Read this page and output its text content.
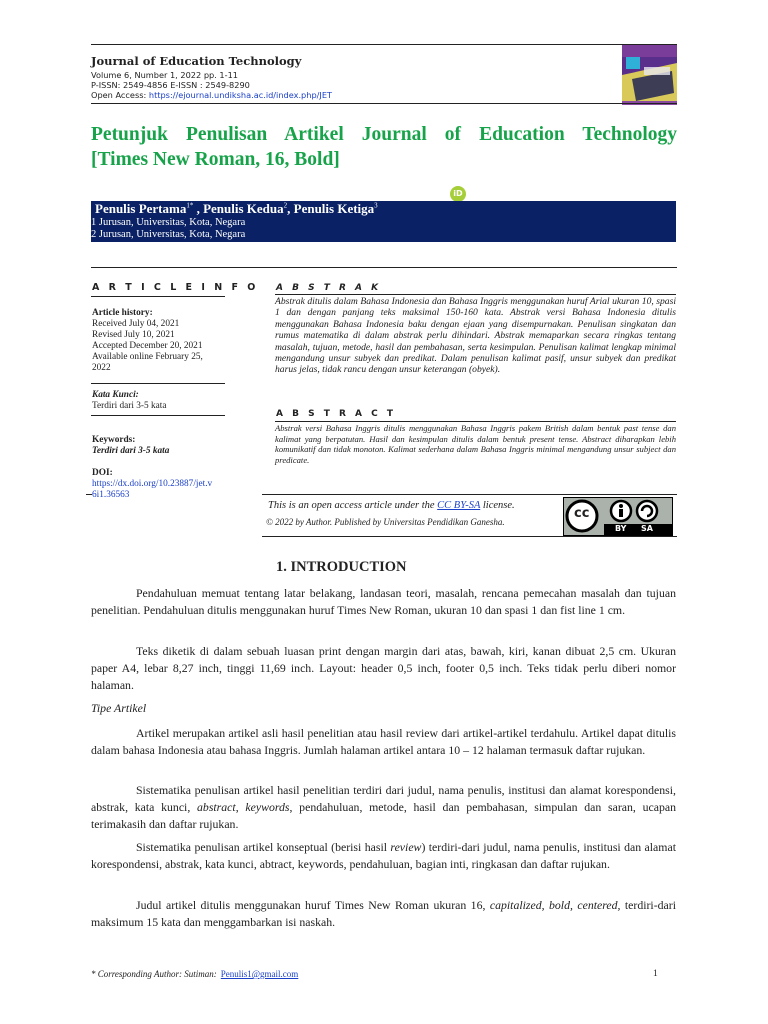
Journal of Education Technology
Volume 6, Number 1, 2022 pp. 1-11
P-ISSN: 2549-4856 E-ISSN : 2549-8290
Open Access: https://ejournal.undiksha.ac.id/index.php/JET
Petunjuk Penulisan Artikel Journal of Education Technology
[Times New Roman, 16, Bold]
iD
Penulis Pertama$^{1*}$ , Penulis Kedua$^2$, Penulis Ketiga$^3$
1 Jurusan, Universitas, Kota, Negara
2 Jurusan, Universitas, Kota, Negara
A R T I C L E I N F O
Article history:
Received July 04, 2021
Revised July 10, 2021
Accepted December 20, 2021
Available online February 25,
2022
Kata Kunci:
Terdiri dari 3-5 kata
Keywords:
Terdiri dari 3-5 kata
DOI:
https://dx.doi.org/10.23887/jet.v
6i1.36563
A B S T R A K
Abstrak ditulis dalam Bahasa Indonesia dan Bahasa Inggris menggunakan huruf Arial ukuran 10, spasi 1 dan dengan panjang teks maksimal 150-160 kata. Abstrak versi Bahasa Indonesia ditulis menggunakan Bahasa Indonesia baku dengan ejaan yang disempurnakan. Penulisan singkatan dan rumus matematika di dalam abstrak perlu dihindari. Abstrak memaparkan secara ringkas tentang masalah, tujuan, metode, hasil dan pembahasan, serta kesimpulan. Penulisan kalimat lengkap minimal mengandung unsur subyek dan predikat. Dalam penulisan kalimat pasif, unsur subyek dan predikat harus jelas, tidak rancu dengan unsur keterangan (obyek).
A B S T R A C T
Abstrak versi Bahasa Inggris ditulis menggunakan Bahasa Inggris pakem British dalam bentuk past tense dan kalimat yang berpatutan. Hasil dan kesimpulan ditulis dalam bentuk present tense. Abstract diharapkan lebih komunikatif dan tidak monoton. Kalimat sederhana dalam Bahasa Inggris minimal mengandung unsur subject dan predicate.
This is an open access article under the CC BY-SA license.
© 2022 by Author. Published by Universitas Pendidikan Ganesha.
cc
BY SA
1. INTRODUCTION
Pendahuluan memuat tentang latar belakang, landasan teori, masalah, rencana pemecahan masalah dan tujuan penelitian. Pendahuluan ditulis menggunakan huruf Times New Roman, ukuran 10 dan spasi 1 dan fist line 1 cm.
Teks diketik di dalam sebuah luasan print dengan margin dari atas, bawah, kiri, kanan dibuat 2,5 cm. Ukuran paper A4, lebar 8,27 inch, tinggi 11,69 inch. Layout: header 0,5 inch, footer 0,5 inch. Teks tidak perlu diberi nomor halaman.
Tipe Artikel
Artikel merupakan artikel asli hasil penelitian atau hasil review dari artikel-artikel terdahulu. Artikel dapat ditulis dalam bahasa Indonesia atau bahasa Inggris. Jumlah halaman artikel antara 10 – 12 halaman termasuk daftar rujukan.
Sistematika penulisan artikel hasil penelitian terdiri dari judul, nama penulis, institusi dan alamat korespondensi, abstrak, kata kunci, abstract, keywords, pendahuluan, metode, hasil dan pembahasan, simpulan dan saran, ucapan terimakasih dan daftar rujukan.
Sistematika penulisan artikel konseptual (berisi hasil review) terdiri-dari judul, nama penulis, institusi dan alamat korespondensi, abstrak, kata kunci, abtract, keywords, pendahuluan, bagian inti, ringkasan dan daftar rujukan.
Judul artikel ditulis menggunakan huruf Times New Roman ukuran 16, capitalized, bold, centered, terdiri-dari maksimum 15 kata dan menggambarkan isi naskah.
* Corresponding Author: Sutiman: Penulis1@gmail.com	1
